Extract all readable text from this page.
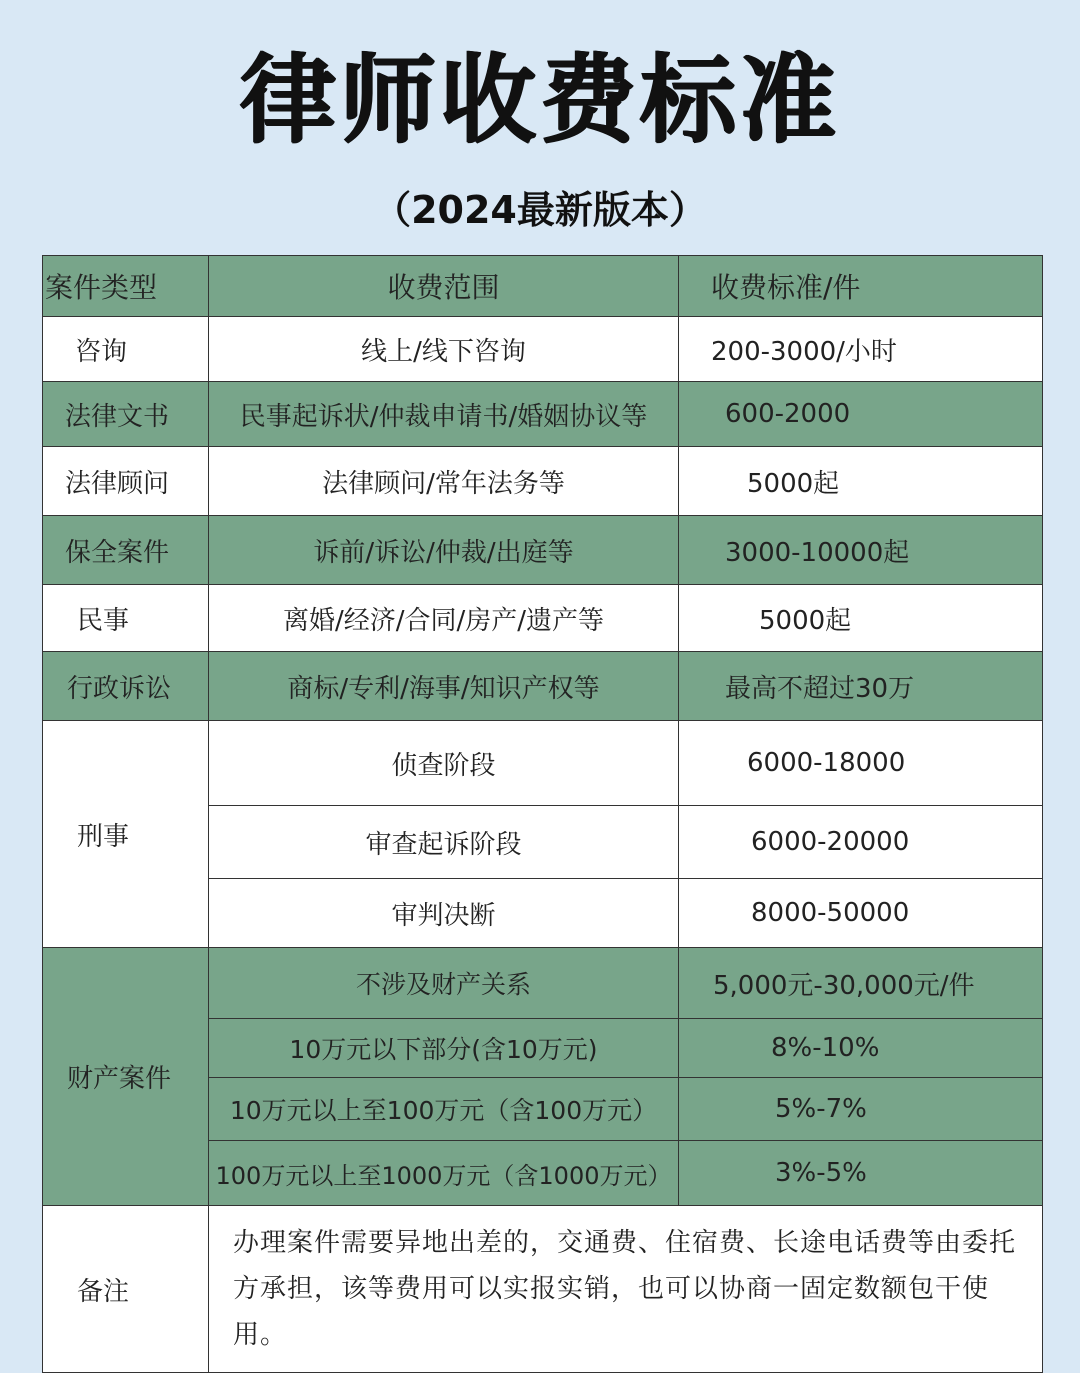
律师收费标准
（2024最新版本）
案件类型	收费范围	收费标准/件
咨询	线上/线下咨询	200-3000/小时
法律文书	民事起诉状/仲裁申请书/婚姻协议等	600-2000
法律顾问	法律顾问/常年法务等	5000起
保全案件	诉前/诉讼/仲裁/出庭等	3000-10000起
民事	离婚/经济/合同/房产/遗产等	5000起
行政诉讼	商标/专利/海事/知识产权等	最高不超过30万
刑事	侦查阶段	6000-18000
	审查起诉阶段	6000-20000
	审判决断	8000-50000
财产案件	不涉及财产关系	5,000元-30,000元/件
	10万元以下部分(含10万元)	8%-10%
	10万元以上至100万元（含100万元）	5%-7%
	100万元以上至1000万元（含1000万元）	3%-5%
备注	办理案件需要异地出差的，交通费、住宿费、长途电话费等由委托方承担，该等费用可以实报实销，也可以协商一固定数额包干使用。	
